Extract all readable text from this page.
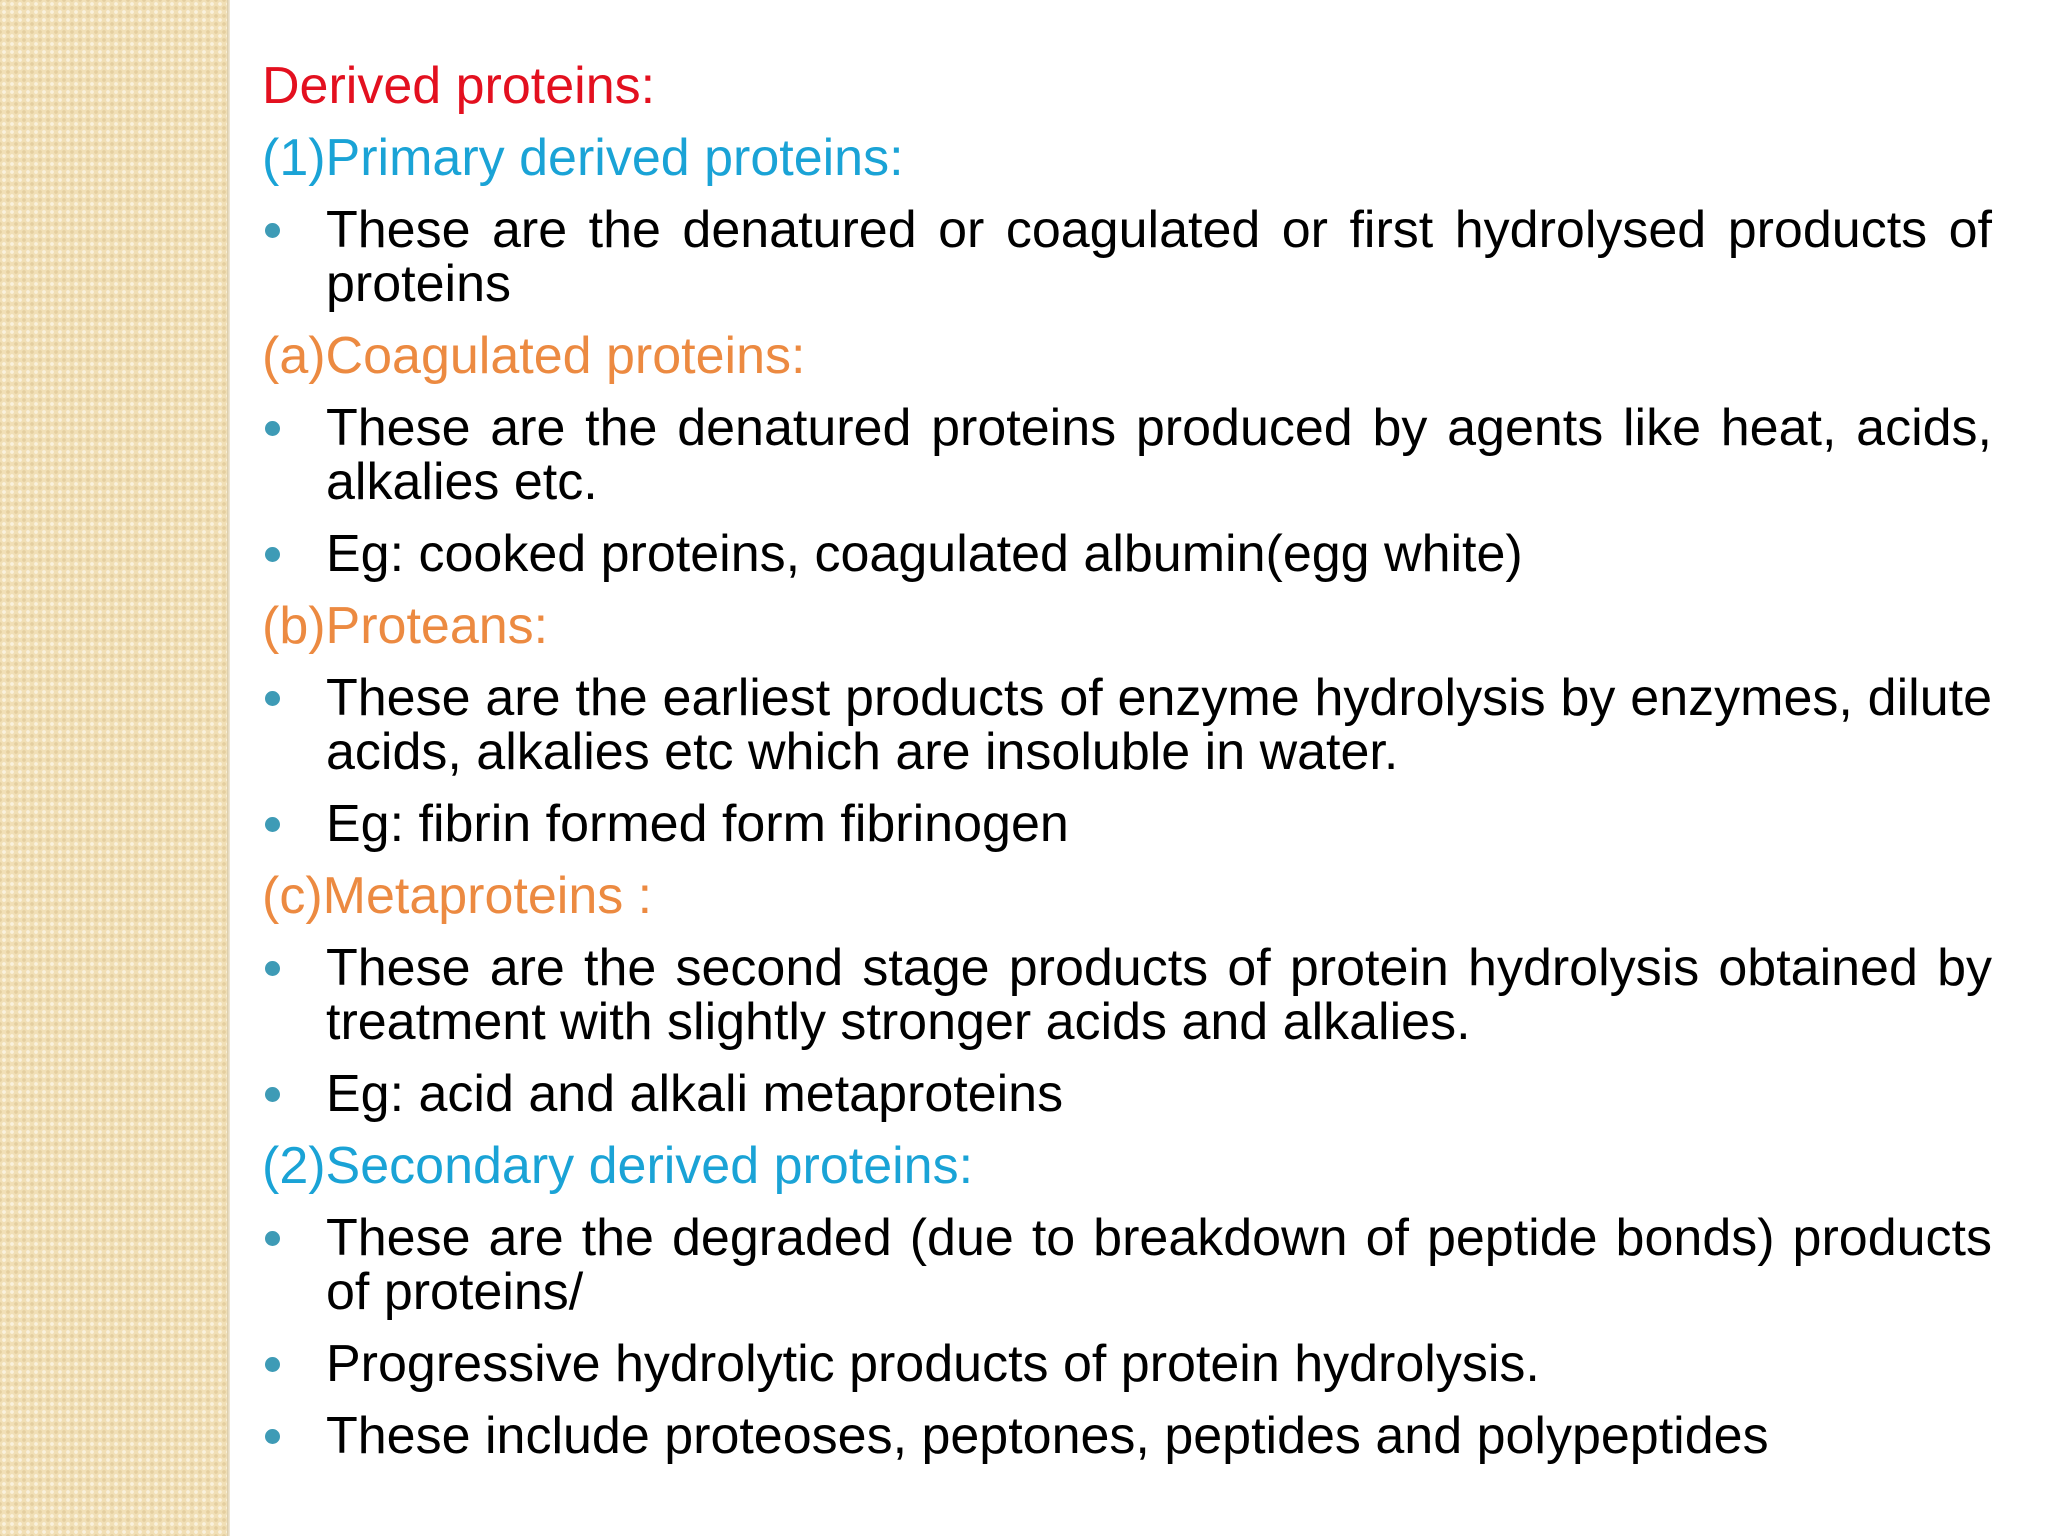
Derived proteins:
(1)Primary derived proteins:
These are the denatured or coagulated or first hydrolysed products of proteins
(a)Coagulated proteins:
These are the denatured proteins produced by agents like heat, acids, alkalies etc.
Eg: cooked proteins, coagulated albumin(egg white)
(b)Proteans:
These are the earliest products of enzyme hydrolysis by enzymes, dilute acids, alkalies etc which are insoluble in water.
Eg: fibrin formed form fibrinogen
(c)Metaproteins :
These are the second stage products of protein hydrolysis obtained by treatment with slightly stronger acids and alkalies.
Eg: acid and alkali metaproteins
(2)Secondary derived proteins:
These are the degraded (due to breakdown of peptide bonds) products of proteins/
Progressive hydrolytic products of protein hydrolysis.
These include proteoses, peptones, peptides and polypeptides
